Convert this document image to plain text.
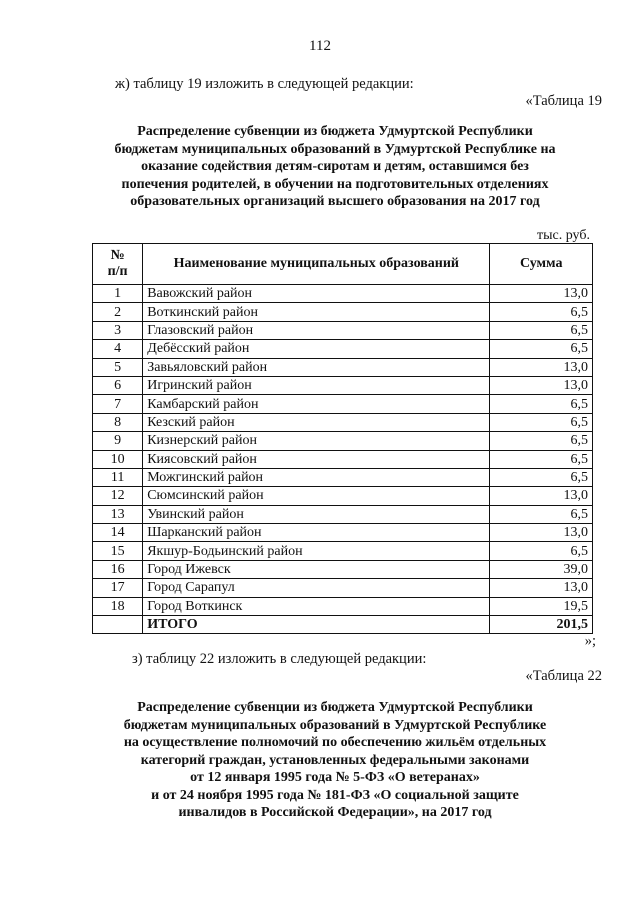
112
ж) таблицу 19 изложить в следующей редакции:
«Таблица 19
Распределение субвенции из бюджета Удмуртской Республики
бюджетам муниципальных образований в Удмуртской Республике на
оказание содействия детям-сиротам и детям, оставшимся без
попечения родителей, в обучении на подготовительных отделениях
образовательных организаций высшего образования на 2017 год
тыс. руб.
№
п/п	Наименование муниципальных образований	Сумма
1	Вавожский район	13,0
2	Воткинский район	6,5
3	Глазовский район	6,5
4	Дебёсский район	6,5
5	Завьяловский район	13,0
6	Игринский район	13,0
7	Камбарский район	6,5
8	Кезский район	6,5
9	Кизнерский район	6,5
10	Киясовский район	6,5
11	Можгинский район	6,5
12	Сюмсинский район	13,0
13	Увинский район	6,5
14	Шарканский район	13,0
15	Якшур-Бодьинский район	6,5
16	Город Ижевск	39,0
17	Город Сарапул	13,0
18	Город Воткинск	19,5
	ИТОГО	201,5
»;
з) таблицу 22 изложить в следующей редакции:
«Таблица 22
Распределение субвенции из бюджета Удмуртской Республики
бюджетам муниципальных образований в Удмуртской Республике
на осуществление полномочий по обеспечению жильём отдельных
категорий граждан, установленных федеральными законами
от 12 января 1995 года № 5-ФЗ «О ветеранах»
и от 24 ноября 1995 года № 181-ФЗ «О социальной защите
инвалидов в Российской Федерации», на 2017 год
